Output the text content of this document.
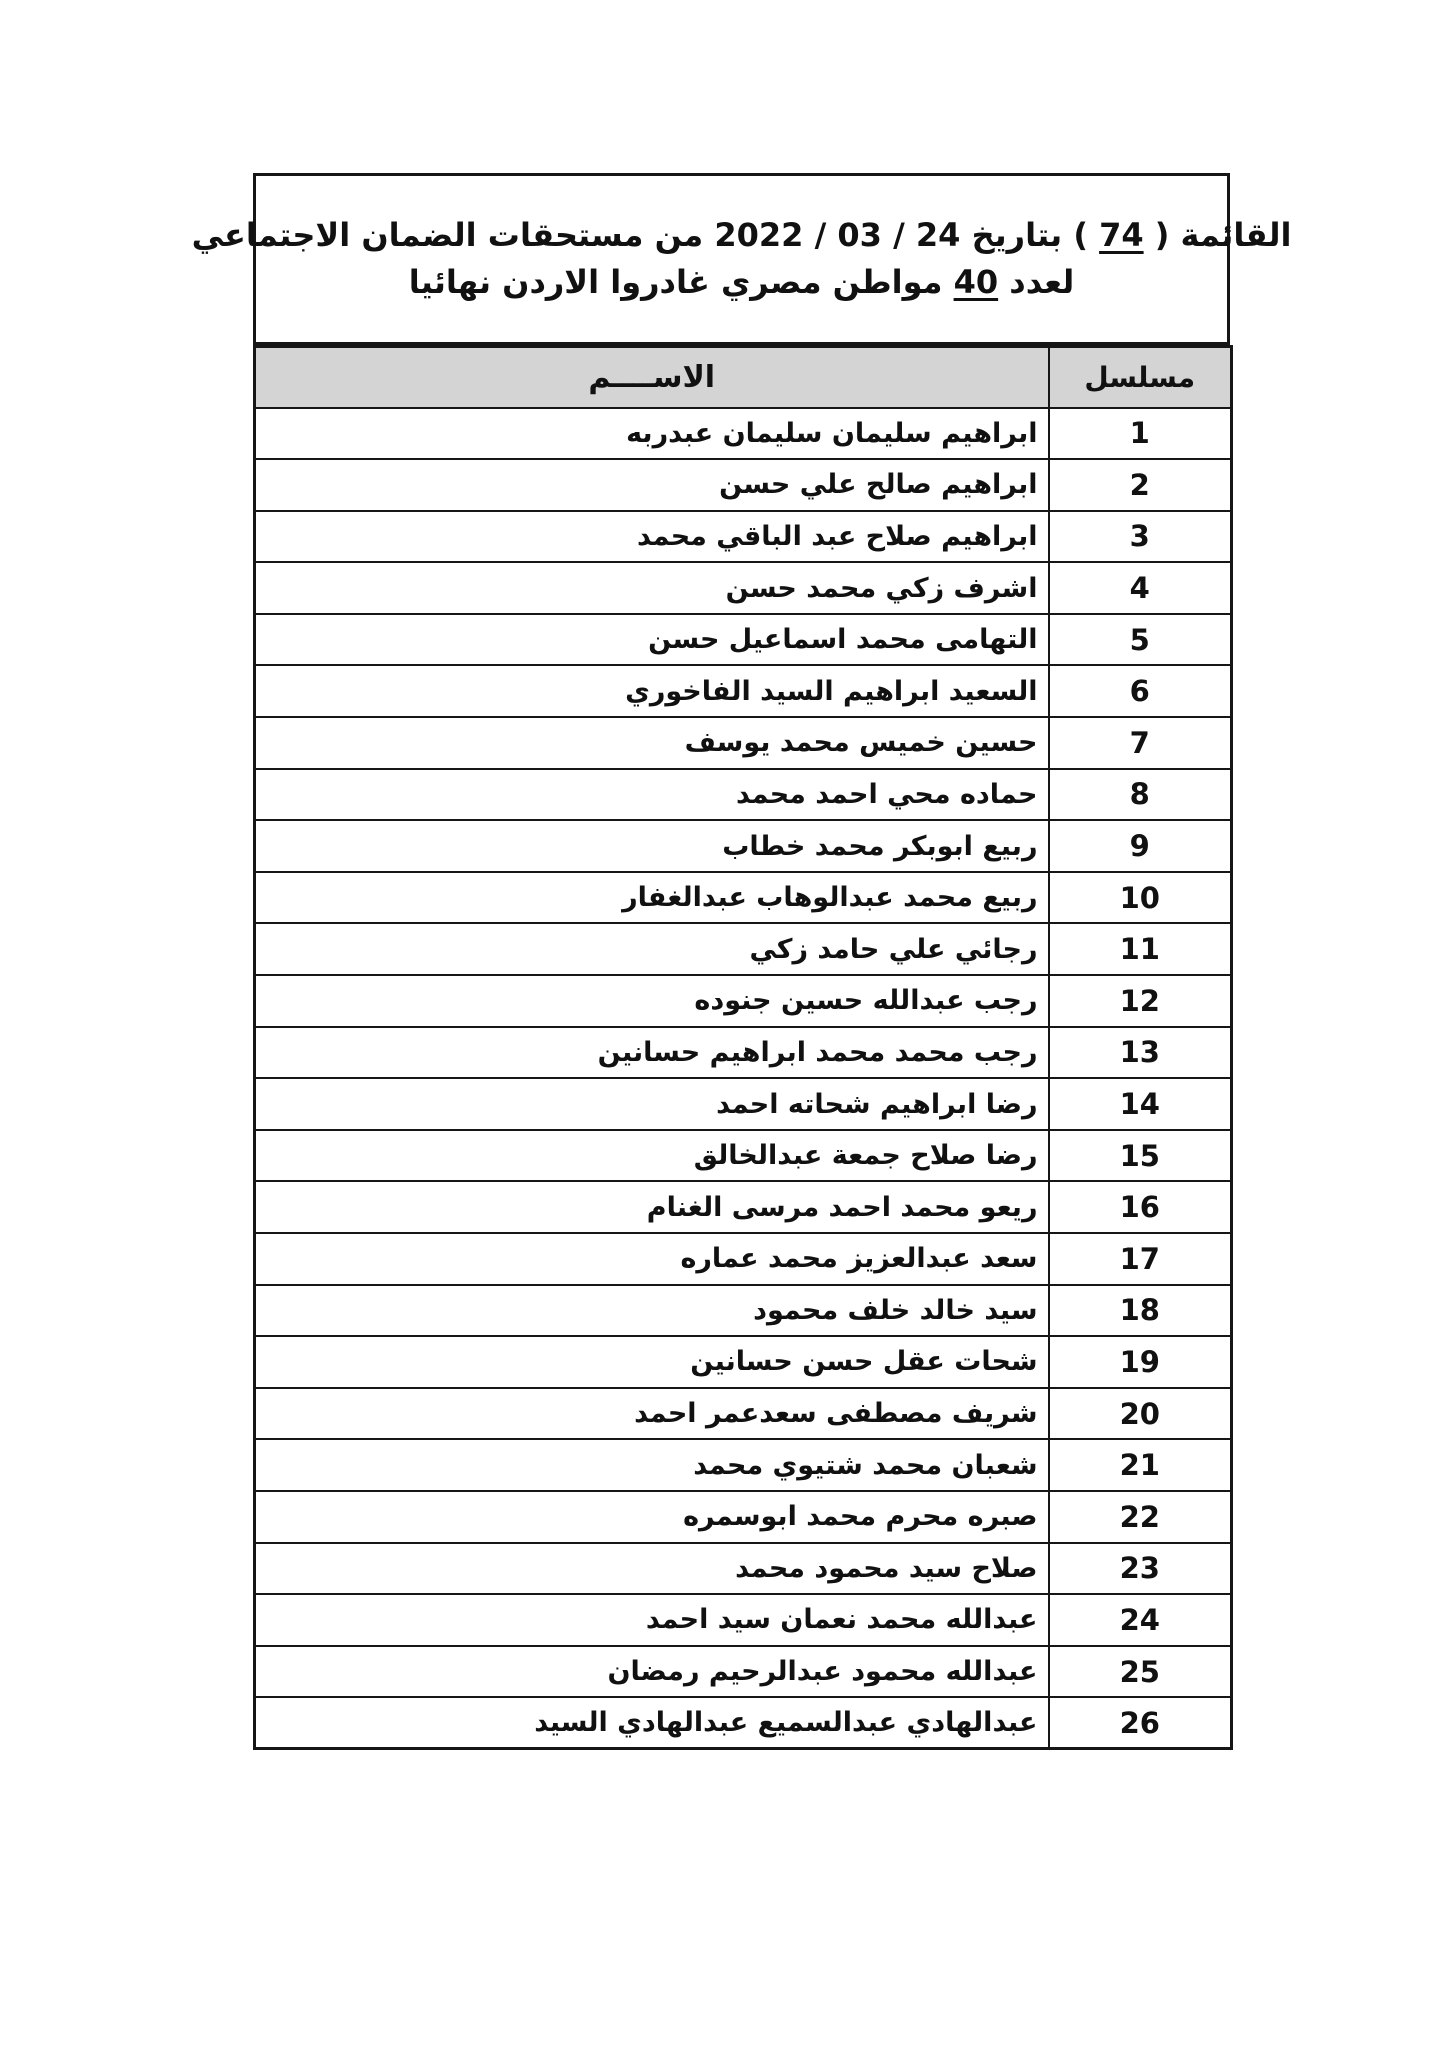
القائمة ( 74 ) بتاريخ 24 / 03 / 2022 من مستحقات الضمان الاجتماعي
لعدد 40 مواطن مصري غادروا الاردن نهائيا
مسلسل	الاســــم
1	ابراهيم سليمان سليمان عبدربه
2	ابراهيم صالح علي حسن
3	ابراهيم صلاح عبد الباقي محمد
4	اشرف زكي محمد حسن
5	التهامى محمد اسماعيل حسن
6	السعيد ابراهيم السيد الفاخوري
7	حسين خميس محمد يوسف
8	حماده محي احمد محمد
9	ربيع ابوبكر محمد خطاب
10	ربيع محمد عبدالوهاب عبدالغفار
11	رجائي علي حامد زكي
12	رجب عبدالله حسين جنوده
13	رجب محمد محمد ابراهيم حسانين
14	رضا ابراهيم شحاته احمد
15	رضا صلاح جمعة عبدالخالق
16	ريعو محمد احمد مرسى الغنام
17	سعد عبدالعزيز محمد عماره
18	سيد خالد خلف محمود
19	شحات عقل حسن حسانين
20	شريف مصطفى سعدعمر احمد
21	شعبان محمد شتيوي محمد
22	صبره محرم محمد ابوسمره
23	صلاح سيد محمود محمد
24	عبدالله محمد نعمان سيد احمد
25	عبدالله محمود عبدالرحيم رمضان
26	عبدالهادي عبدالسميع عبدالهادي السيد
